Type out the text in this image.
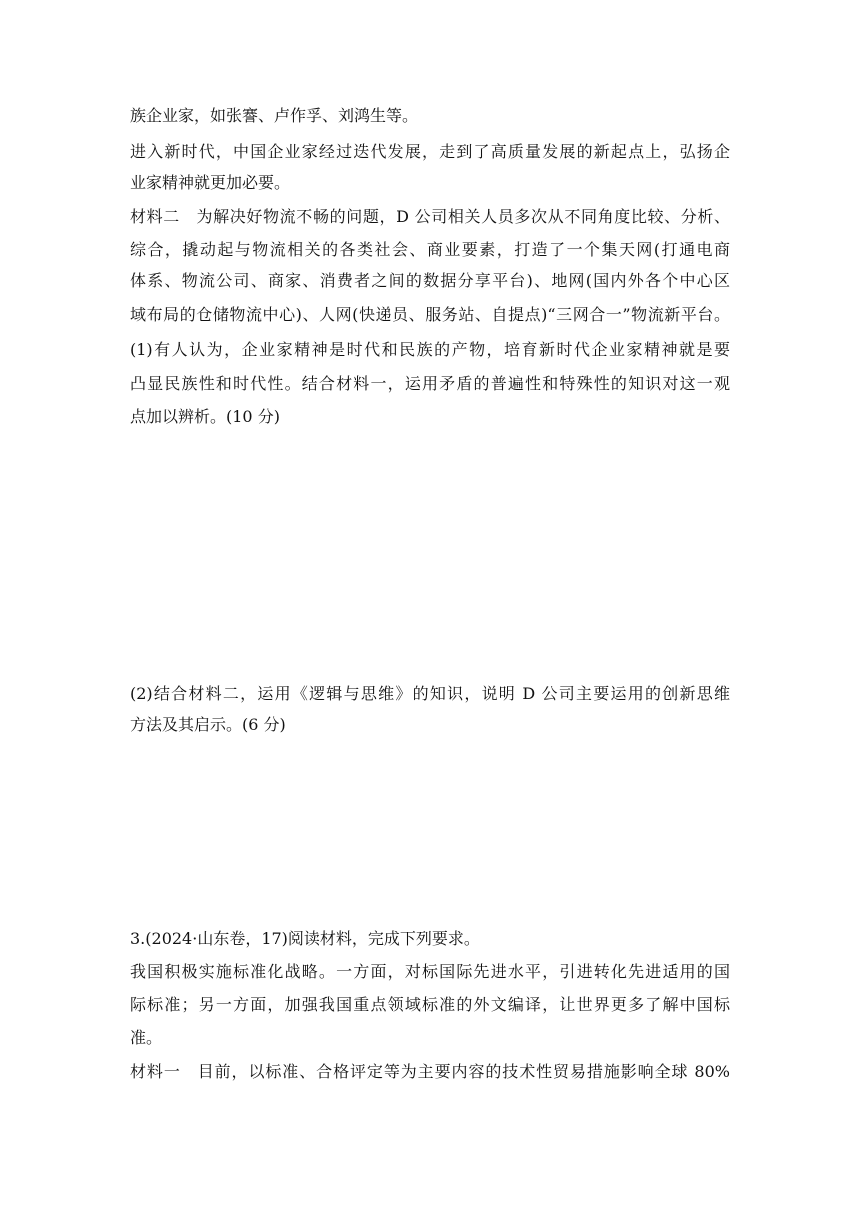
族企业家，如张謇、卢作孚、刘鸿生等。
进入新时代，中国企业家经过迭代发展，走到了高质量发展的新起点上，弘扬企
业家精神就更加必要。
材料二　为解决好物流不畅的问题，D 公司相关人员多次从不同角度比较、分析、
综合，撬动起与物流相关的各类社会、商业要素，打造了一个集天网(打通电商
体系、物流公司、商家、消费者之间的数据分享平台)、地网(国内外各个中心区
域布局的仓储物流中心)、人网(快递员、服务站、自提点)“三网合一”物流新平台。
(1)有人认为，企业家精神是时代和民族的产物，培育新时代企业家精神就是要
凸显民族性和时代性。结合材料一，运用矛盾的普遍性和特殊性的知识对这一观
点加以辨析。(10 分)
(2)结合材料二，运用《逻辑与思维》的知识，说明 D 公司主要运用的创新思维
方法及其启示。(6 分)
3.(2024·山东卷，17)阅读材料，完成下列要求。
我国积极实施标准化战略。一方面，对标国际先进水平，引进转化先进适用的国
际标准；另一方面，加强我国重点领域标准的外文编译，让世界更多了解中国标
准。
材料一　目前，以标准、合格评定等为主要内容的技术性贸易措施影响全球 80%
